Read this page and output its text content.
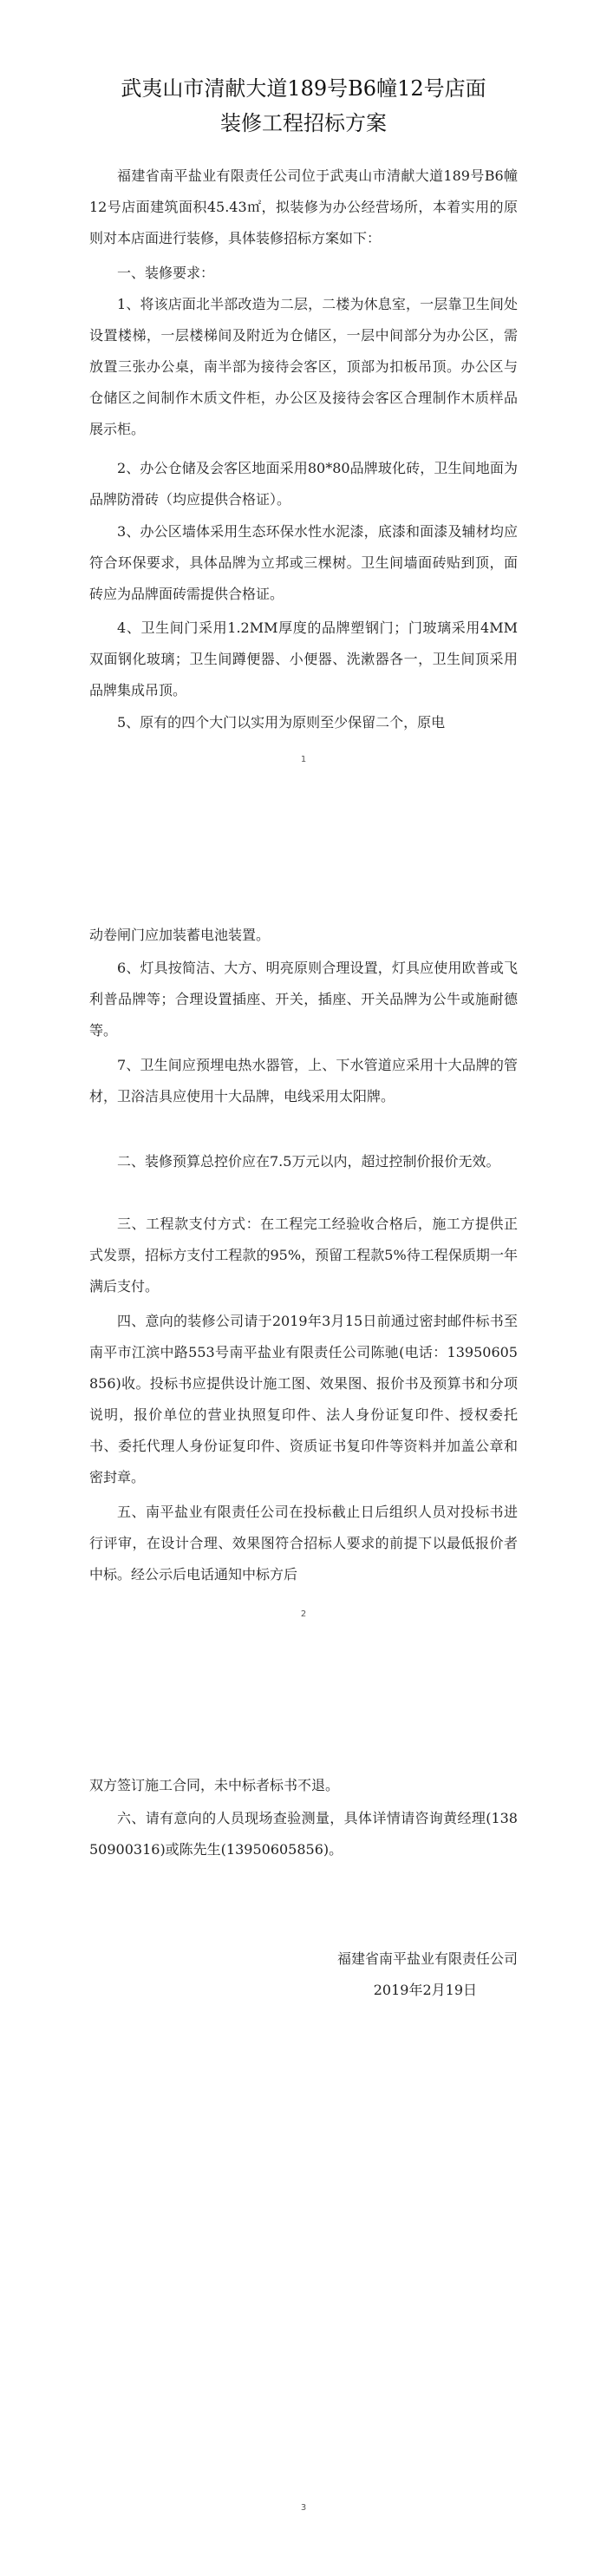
武夷山市清献大道189号B6幢12号店面
装修工程招标方案

福建省南平盐业有限责任公司位于武夷山市清献大道189号B6幢12号店面建筑面积45.43㎡，拟装修为办公经营场所，本着实用的原则对本店面进行装修，具体装修招标方案如下：

一、装修要求：

1、将该店面北半部改造为二层，二楼为休息室，一层靠卫生间处设置楼梯，一层楼梯间及附近为仓储区，一层中间部分为办公区，需放置三张办公桌，南半部为接待会客区，顶部为扣板吊顶。办公区与仓储区之间制作木质文件柜，办公区及接待会客区合理制作木质样品展示柜。

2、办公仓储及会客区地面采用80*80品牌玻化砖，卫生间地面为品牌防滑砖（均应提供合格证）。

3、办公区墙体采用生态环保水性水泥漆，底漆和面漆及辅材均应符合环保要求，具体品牌为立邦或三棵树。卫生间墙面砖贴到顶，面砖应为品牌面砖需提供合格证。

4、卫生间门采用1.2MM厚度的品牌塑钢门；门玻璃采用4MM双面钢化玻璃；卫生间蹲便器、小便器、洗漱器各一，卫生间顶采用品牌集成吊顶。

5、原有的四个大门以实用为原则至少保留二个，原电

1

动卷闸门应加装蓄电池装置。

6、灯具按简洁、大方、明亮原则合理设置，灯具应使用欧普或飞利普品牌等；合理设置插座、开关，插座、开关品牌为公牛或施耐德等。

7、卫生间应预埋电热水器管，上、下水管道应采用十大品牌的管材，卫浴洁具应使用十大品牌，电线采用太阳牌。

二、装修预算总控价应在7.5万元以内，超过控制价报价无效。

三、工程款支付方式：在工程完工经验收合格后，施工方提供正式发票，招标方支付工程款的95%，预留工程款5%待工程保质期一年满后支付。

四、意向的装修公司请于2019年3月15日前通过密封邮件标书至南平市江滨中路553号南平盐业有限责任公司陈驰(电话：13950605856)收。投标书应提供设计施工图、效果图、报价书及预算书和分项说明，报价单位的营业执照复印件、法人身份证复印件、授权委托书、委托代理人身份证复印件、资质证书复印件等资料并加盖公章和密封章。

五、南平盐业有限责任公司在投标截止日后组织人员对投标书进行评审，在设计合理、效果图符合招标人要求的前提下以最低报价者中标。经公示后电话通知中标方后

2

双方签订施工合同，未中标者标书不退。

六、请有意向的人员现场查验测量，具体详情请咨询黄经理(13850900316)或陈先生(13950605856)。

福建省南平盐业有限责任公司

2019年2月19日

3
